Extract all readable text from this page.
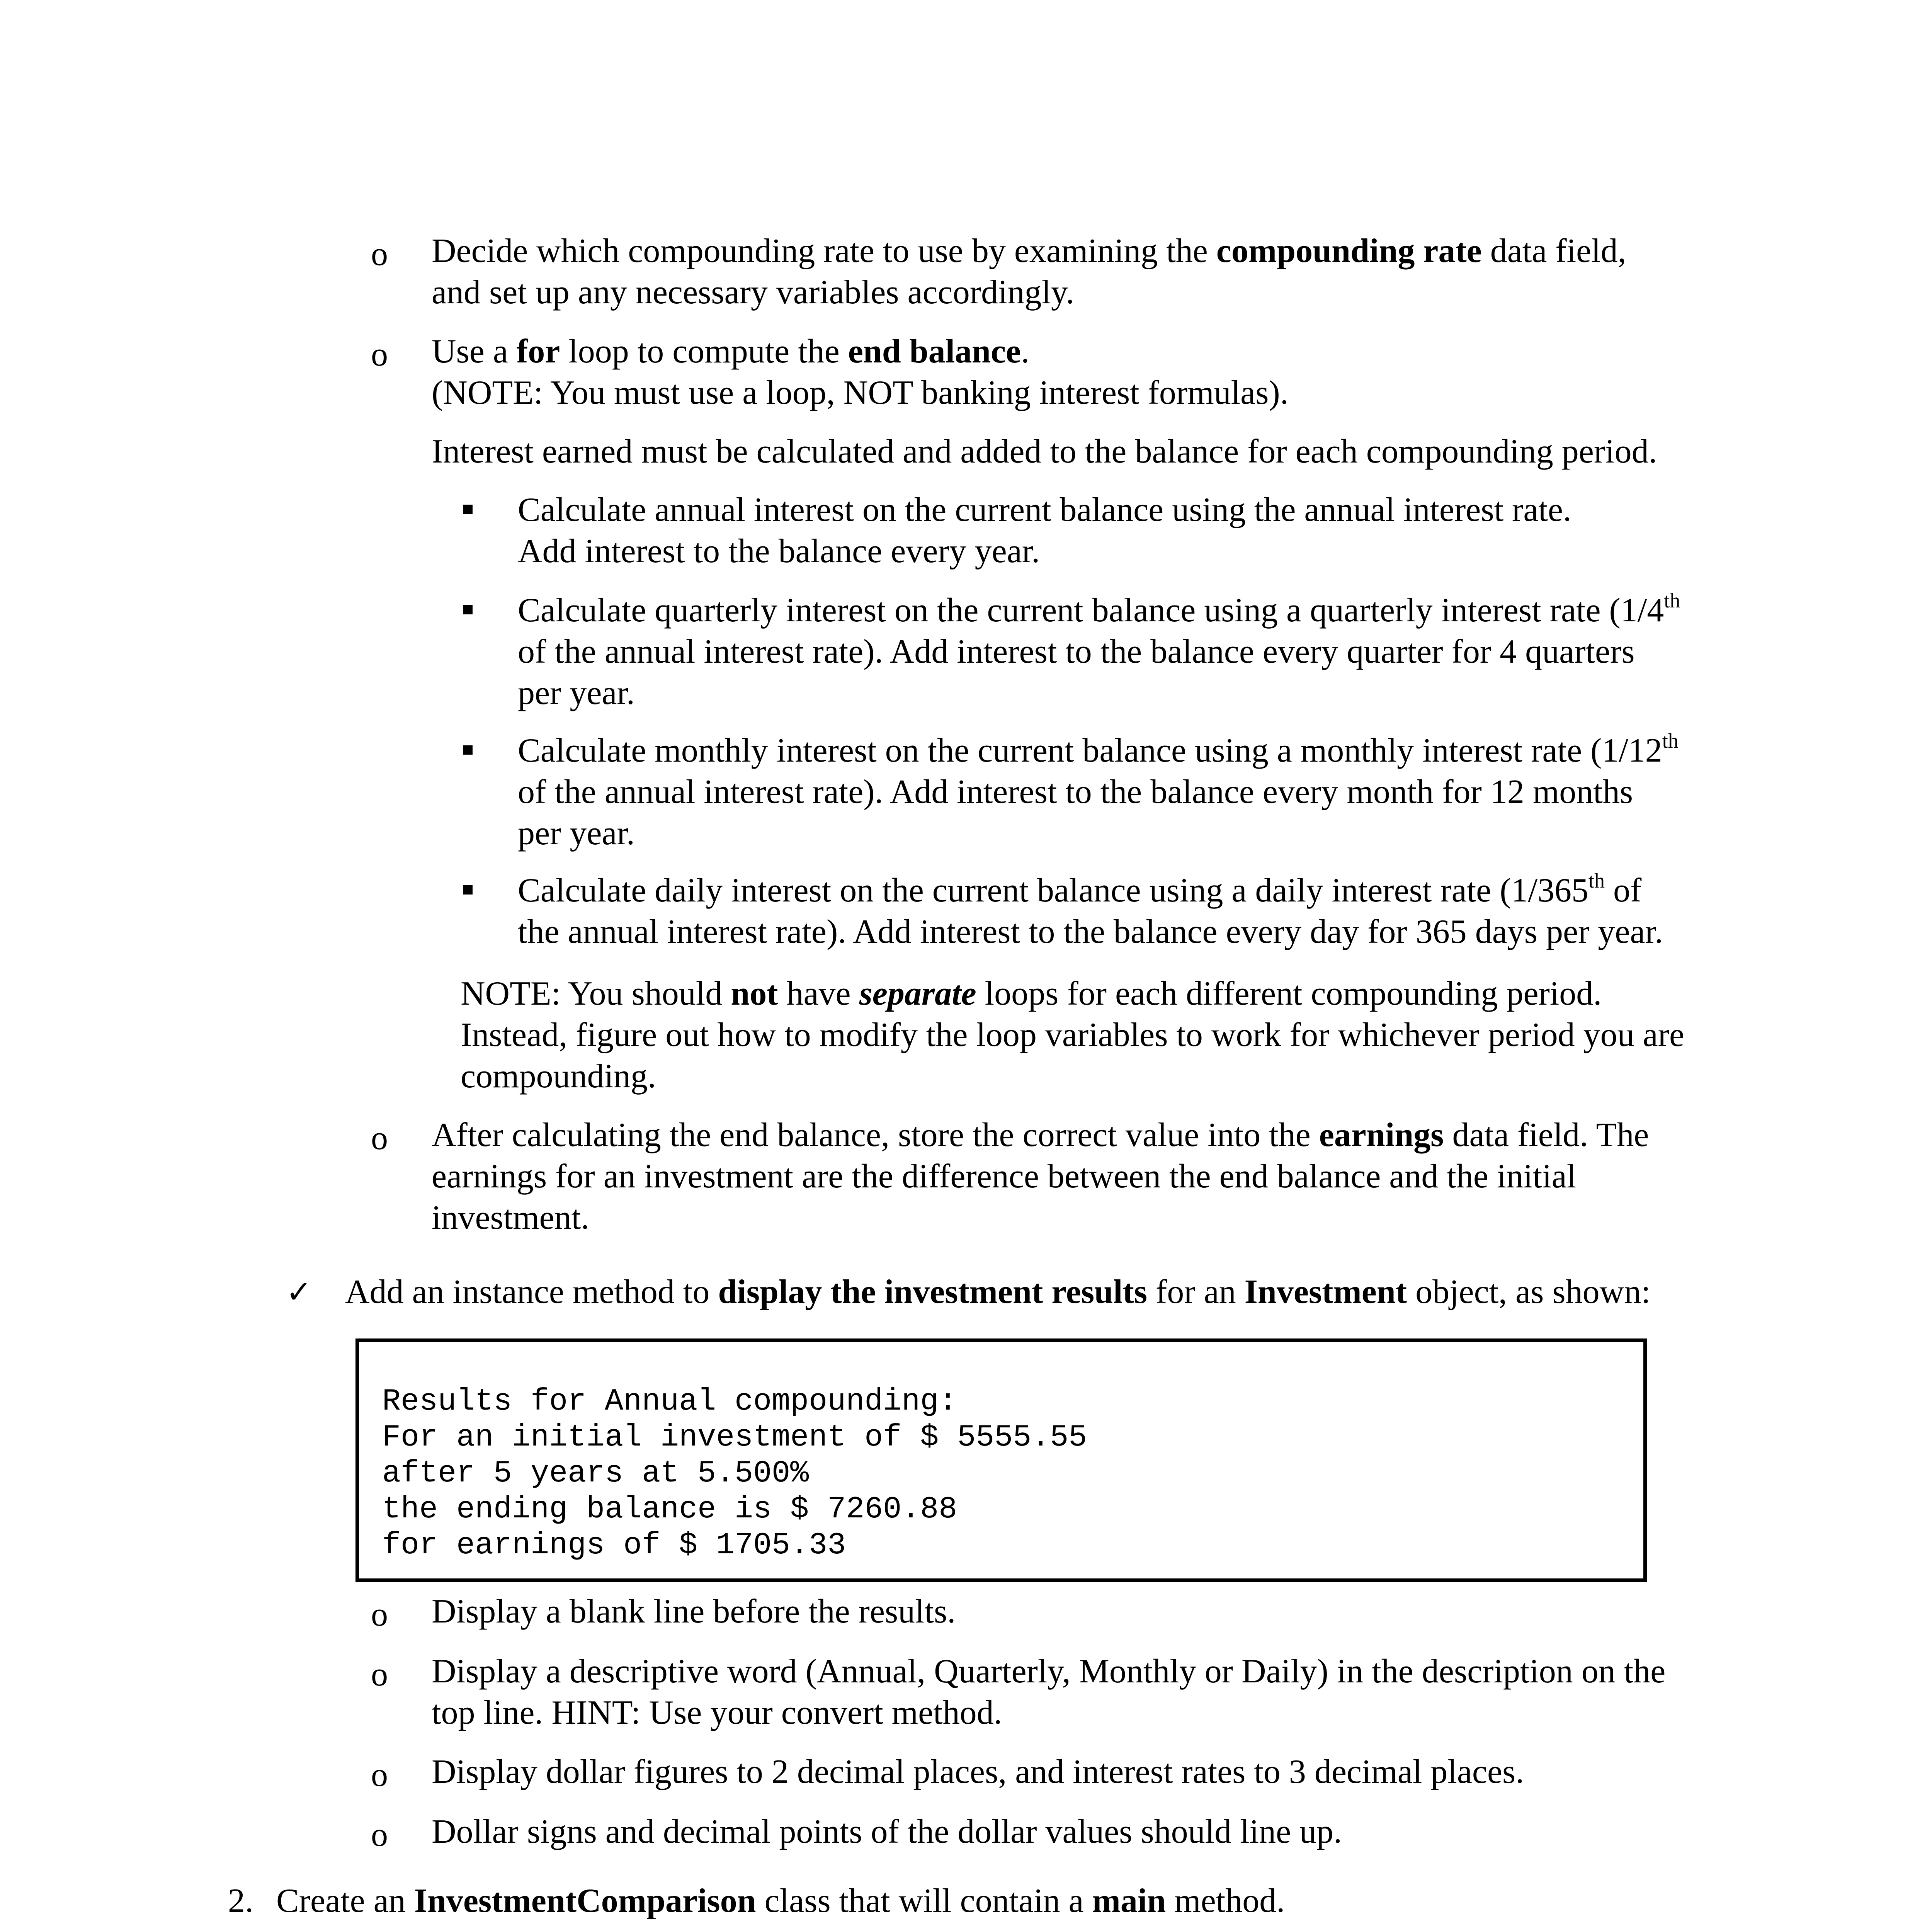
o Decide which compounding rate to use by examining the compounding rate data field,
and set up any necessary variables accordingly.
o Use a for loop to compute the end balance.
(NOTE: You must use a loop, NOT banking interest formulas).
Interest earned must be calculated and added to the balance for each compounding period.
Calculate annual interest on the current balance using the annual interest rate.
Add interest to the balance every year.
Calculate quarterly interest on the current balance using a quarterly interest rate (1/4th
of the annual interest rate). Add interest to the balance every quarter for 4 quarters
per year.
Calculate monthly interest on the current balance using a monthly interest rate (1/12th
of the annual interest rate). Add interest to the balance every month for 12 months
per year.
Calculate daily interest on the current balance using a daily interest rate (1/365th of
the annual interest rate). Add interest to the balance every day for 365 days per year.
NOTE: You should not have separate loops for each different compounding period.
Instead, figure out how to modify the loop variables to work for whichever period you are
compounding.
o After calculating the end balance, store the correct value into the earnings data field. The
earnings for an investment are the difference between the end balance and the initial
investment.
✓ Add an instance method to display the investment results for an Investment object, as shown:
Results for Annual compounding:
For an initial investment of $ 5555.55
after 5 years at 5.500%
the ending balance is $ 7260.88
for earnings of $ 1705.33
o Display a blank line before the results.
o Display a descriptive word (Annual, Quarterly, Monthly or Daily) in the description on the
top line. HINT: Use your convert method.
o Display dollar figures to 2 decimal places, and interest rates to 3 decimal places.
o Dollar signs and decimal points of the dollar values should line up.
2. Create an InvestmentComparison class that will contain a main method.
